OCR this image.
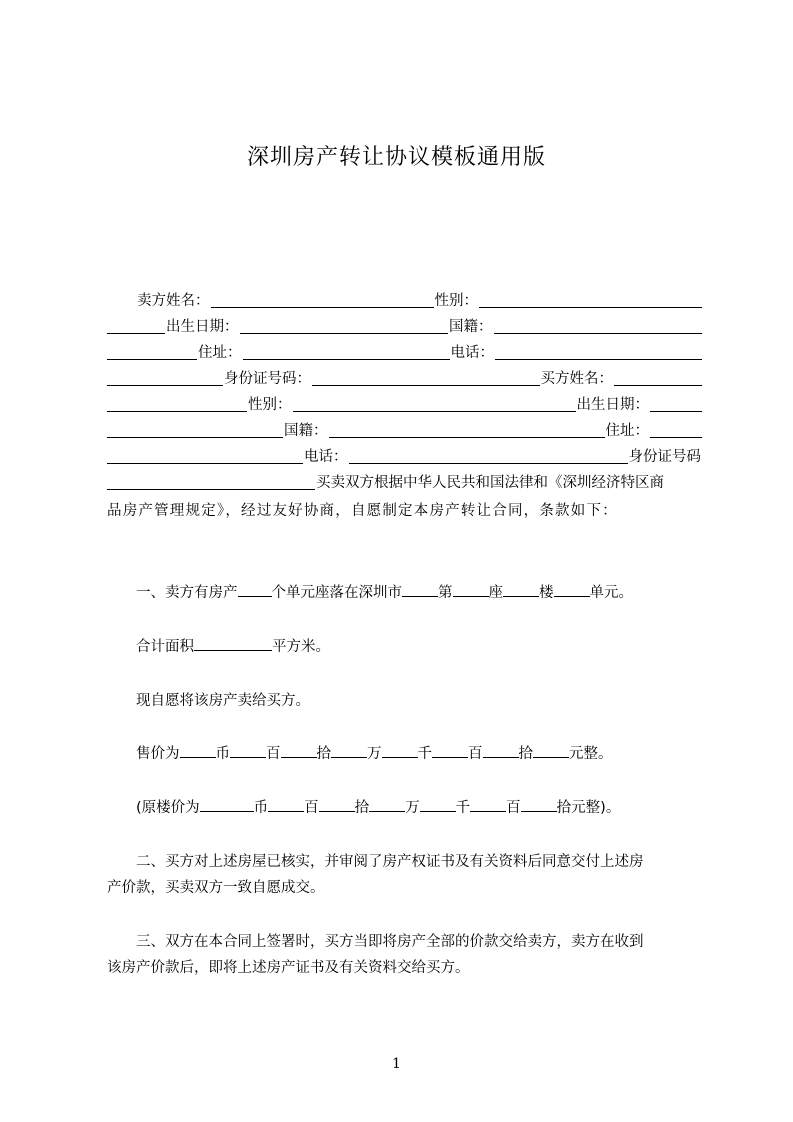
深圳房产转让协议模板通用版
卖方姓名：	性别：
出生日期：	国籍：
住址：	电话：
身份证号码：	买方姓名：
性别：	出生日期：
国籍：	住址：
电话：	身份证号码
买卖双方根据中华人民共和国法律和《深圳经济特区商
品房产管理规定》，经过友好协商，自愿制定本房产转让合同，条款如下：
一、卖方有房产 个单元座落在深圳市 第 座 楼 单元。
合计面积	平方米。
现自愿将该房产卖给买方。
售价为 币 百 拾 万 千 百 拾 元整。
(原楼价为	币 百 拾 万 千 百 拾元整)。
二、买方对上述房屋已核实，并审阅了房产权证书及有关资料后同意交付上述房
产价款，买卖双方一致自愿成交。
三、双方在本合同上签署时，买方当即将房产全部的价款交给卖方，卖方在收到
该房产价款后，即将上述房产证书及有关资料交给买方。
1
